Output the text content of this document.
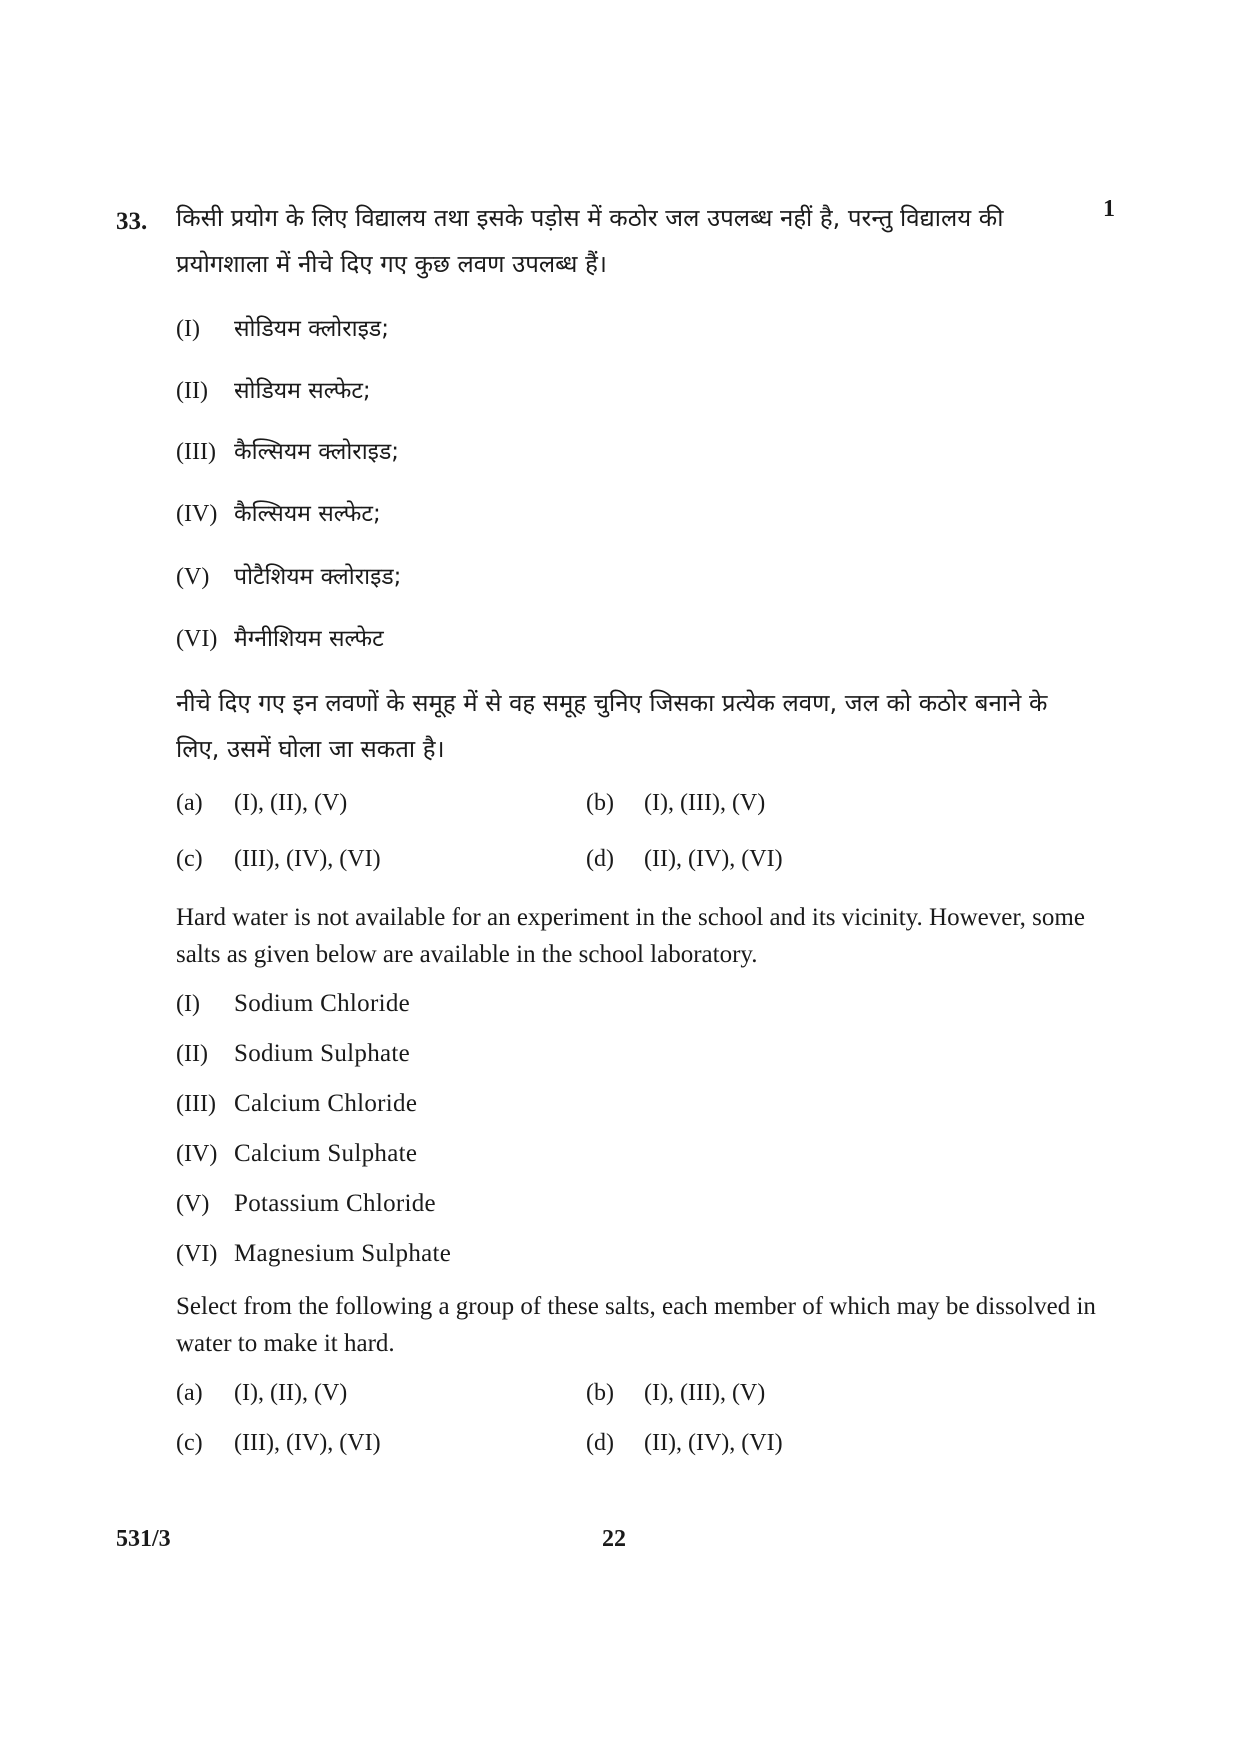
33.	1
किसी प्रयोग के लिए विद्यालय तथा इसके पड़ोस में कठोर जल उपलब्ध नहीं है, परन्तु विद्यालय की प्रयोगशाला में नीचे दिए गए कुछ लवण उपलब्ध हैं।
(I) सोडियम क्लोराइड;
(II) सोडियम सल्फेट;
(III) कैल्सियम क्लोराइड;
(IV) कैल्सियम सल्फेट;
(V) पोटैशियम क्लोराइड;
(VI) मैग्नीशियम सल्फेट
नीचे दिए गए इन लवणों के समूह में से वह समूह चुनिए जिसका प्रत्येक लवण, जल को कठोर बनाने के लिए, उसमें घोला जा सकता है।
(a) (I), (II), (V)	(b) (I), (III), (V)
(c) (III), (IV), (VI)	(d) (II), (IV), (VI)
Hard water is not available for an experiment in the school and its vicinity. However, some salts as given below are available in the school laboratory.
(I) Sodium Chloride
(II) Sodium Sulphate
(III) Calcium Chloride
(IV) Calcium Sulphate
(V) Potassium Chloride
(VI) Magnesium Sulphate
Select from the following a group of these salts, each member of which may be dissolved in water to make it hard.
(a) (I), (II), (V)	(b) (I), (III), (V)
(c) (III), (IV), (VI)	(d) (II), (IV), (VI)
531/3	22
